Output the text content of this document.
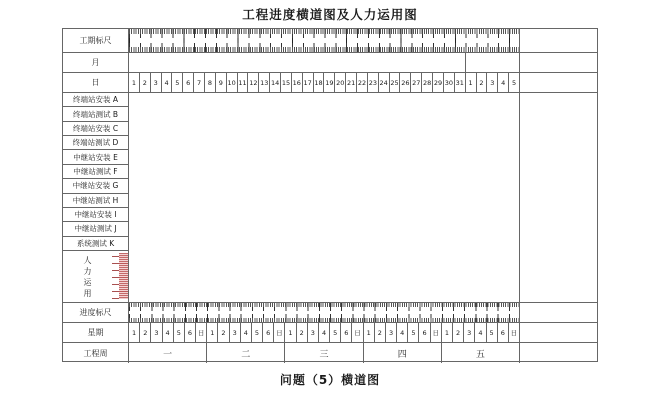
工程进度横道图及人力运用图
工期标尺
月
日	1	2	3	4	5	6	7	8	9 10 11 12 13 14 15 16 17 18 19 20 21 22 23 24 25 26 27 28 29 30 31 1	2	3	4	5
终端站安装 A
终端站测试 B
终端站安装 C
终端站测试 D
中继站安装 E
中继站测试 F
中继站安装 G
中继站测试 H
中继站安装 I
中继站测试 J
系统测试 K
人
力
运
用
进度标尺
星期	1	2	3	4	5	6 日 1	2	3	4	5	6 日 1	2	3	4	5	6 日 1	2	3	4	5	6 日 1	2	3	4	5	6 日
工程周	一	二	三	四	五
问题（5）横道图
